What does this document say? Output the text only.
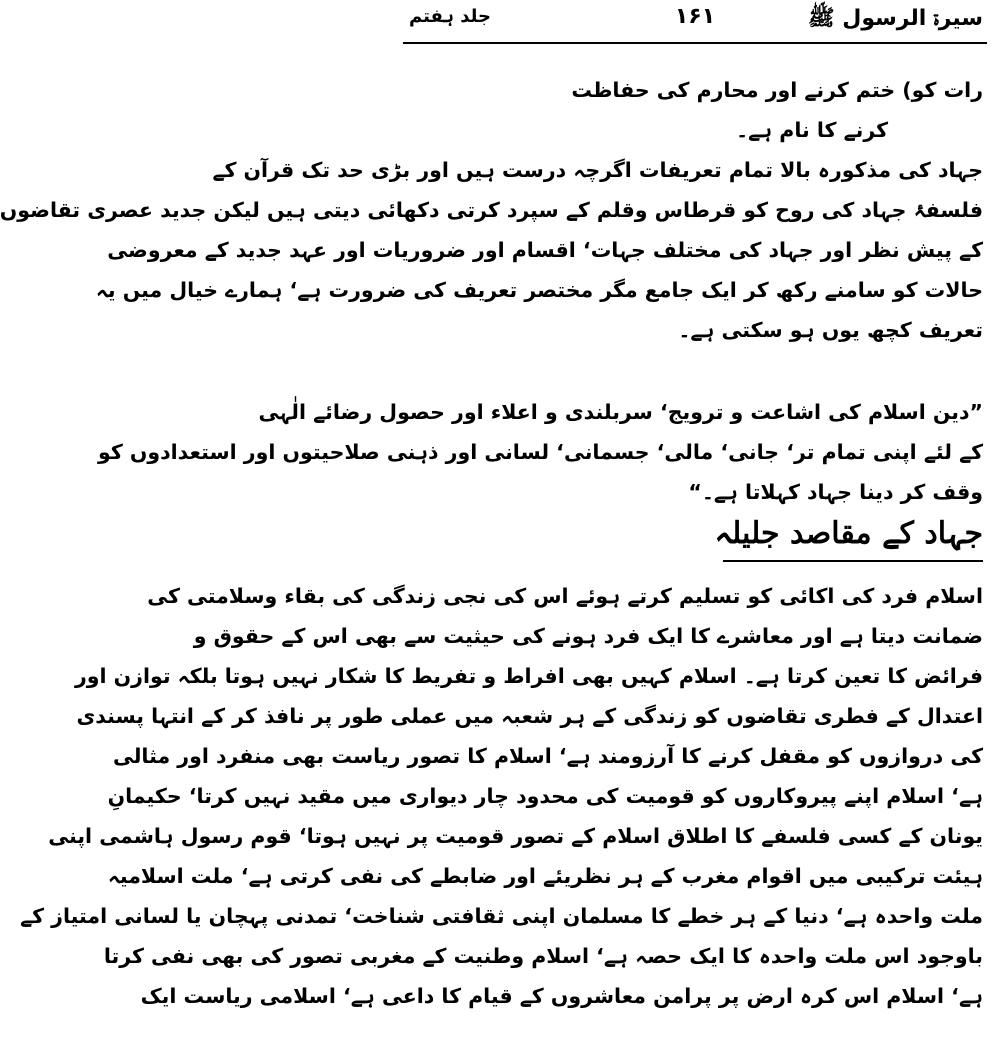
سیرۃ الرسول ﷺ
۱۶۱
جلد ہفتم
رات کو) ختم کرنے اور محارم کی حفاظت
کرنے کا نام ہے۔
جہاد کی مذکورہ بالا تمام تعریفات اگرچہ درست ہیں اور بڑی حد تک قرآن کے
فلسفۂ جہاد کی روح کو قرطاس وقلم کے سپرد کرتی دکھائی دیتی ہیں لیکن جدید عصری تقاضوں
کے پیش نظر اور جہاد کی مختلف جہات‘ اقسام اور ضروریات اور عہد جدید کے معروضی
حالات کو سامنے رکھ کر ایک جامع مگر مختصر تعریف کی ضرورت ہے‘ ہمارے خیال میں یہ
تعریف کچھ یوں ہو سکتی ہے۔
”دین اسلام کی اشاعت و ترویج‘ سربلندی و اعلاء اور حصول رضائے الٰہی
کے لئے اپنی تمام تر‘ جانی‘ مالی‘ جسمانی‘ لسانی اور ذہنی صلاحیتوں اور استعدادوں کو
وقف کر دینا جہاد کہلاتا ہے۔“
جہاد کے مقاصد جلیلہ
اسلام فرد کی اکائی کو تسلیم کرتے ہوئے اس کی نجی زندگی کی بقاء وسلامتی کی
ضمانت دیتا ہے اور معاشرے کا ایک فرد ہونے کی حیثیت سے بھی اس کے حقوق و
فرائض کا تعین کرتا ہے۔ اسلام کہیں بھی افراط و تفریط کا شکار نہیں ہوتا بلکہ توازن اور
اعتدال کے فطری تقاضوں کو زندگی کے ہر شعبہ میں عملی طور پر نافذ کر کے انتہا پسندی
کی دروازوں کو مقفل کرنے کا آرزومند ہے‘ اسلام کا تصور ریاست بھی منفرد اور مثالی
ہے‘ اسلام اپنے پیروکاروں کو قومیت کی محدود چار دیواری میں مقید نہیں کرتا‘ حکیمانِ
یونان کے کسی فلسفے کا اطلاق اسلام کے تصور قومیت پر نہیں ہوتا‘ قوم رسول ہاشمی اپنی
ہیئت ترکیبی میں اقوام مغرب کے ہر نظریئے اور ضابطے کی نفی کرتی ہے‘ ملت اسلامیہ
ملت واحدہ ہے‘ دنیا کے ہر خطے کا مسلمان اپنی ثقافتی شناخت‘ تمدنی پہچان یا لسانی امتیاز کے
باوجود اس ملت واحدہ کا ایک حصہ ہے‘ اسلام وطنیت کے مغربی تصور کی بھی نفی کرتا
ہے‘ اسلام اس کرہ ارض پر پرامن معاشروں کے قیام کا داعی ہے‘ اسلامی ریاست ایک
